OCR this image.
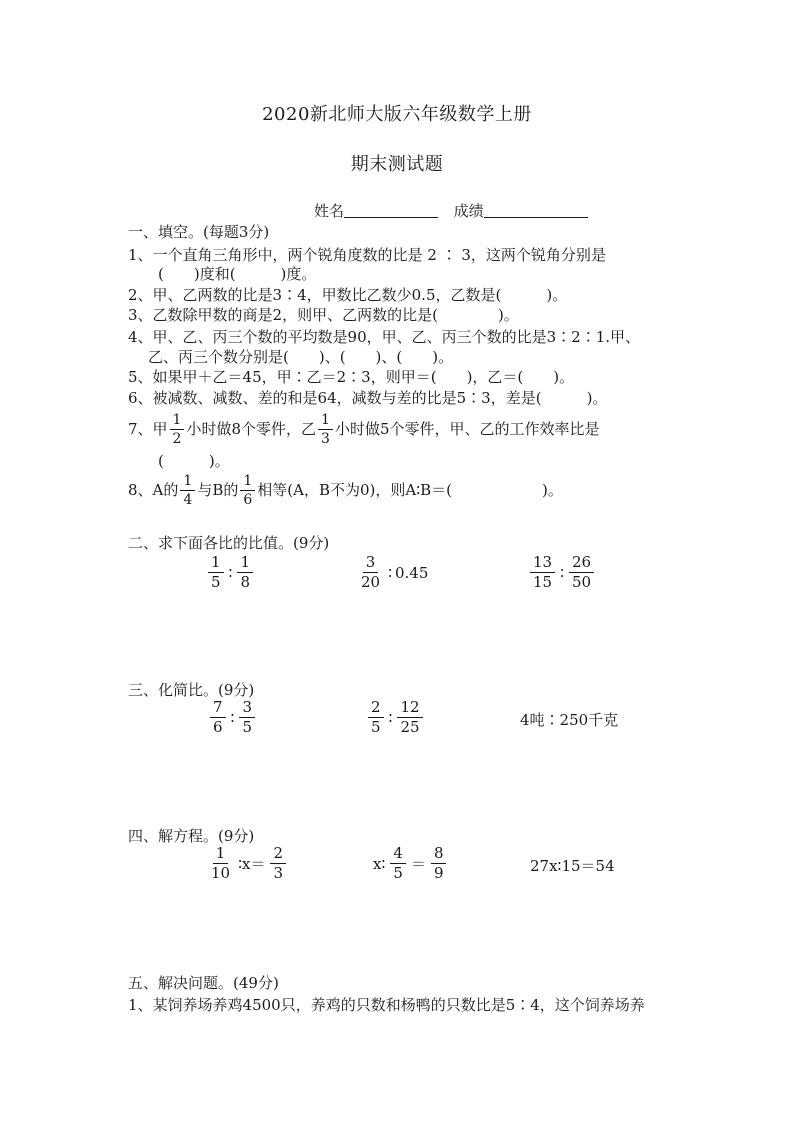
2020新北师大版六年级数学上册
期末测试题
姓名	成绩
一、填空。(每题3分)
1、一个直角三角形中，两个锐角度数的比是 2 ∶ 3，这两个锐角分别是
(　　)度和(　　　)度。
2、甲、乙两数的比是3∶4，甲数比乙数少0.5，乙数是(　　　)。
3、乙数除甲数的商是2，则甲、乙两数的比是(　　　　)。
4、甲、乙、丙三个数的平均数是90，甲、乙、丙三个数的比是3∶2∶1.甲、
乙、丙三个数分别是(　　)、(　　)、(　　)。
5、如果甲＋乙＝45，甲∶乙＝2∶3，则甲＝(　　)，乙＝(　　)。
6、被减数、减数、差的和是64，减数与差的比是5∶3，差是(　　　)。
7、甲 $\frac{1}{2}$ 小时做8个零件，乙 $\frac{1}{3}$ 小时做5个零件，甲、乙的工作效率比是
(　　　)。
8、A的 $\frac{1}{4}$ 与B的 $\frac{1}{6}$ 相等(A，B不为0)，则A∶B＝(　　　　　　)。
二、求下面各比的比值。(9分)
$\frac{1}{5}$ ∶ $\frac{1}{8}$	$\frac{3}{20}$ ∶ 0.45	$\frac{13}{15}$ ∶ $\frac{26}{50}$
三、化简比。(9分)
$\frac{7}{6}$ ∶ $\frac{3}{5}$	$\frac{2}{5}$ ∶ $\frac{12}{25}$	4吨∶250千克
四、解方程。(9分)
$\frac{1}{10}$ ∶x＝ $\frac{2}{3}$	x∶ $\frac{4}{5} = \frac{8}{9}$	27x∶15＝54
五、解决问题。(49分)
1、某饲养场养鸡4500只，养鸡的只数和杨鸭的只数比是5∶4，这个饲养场养
